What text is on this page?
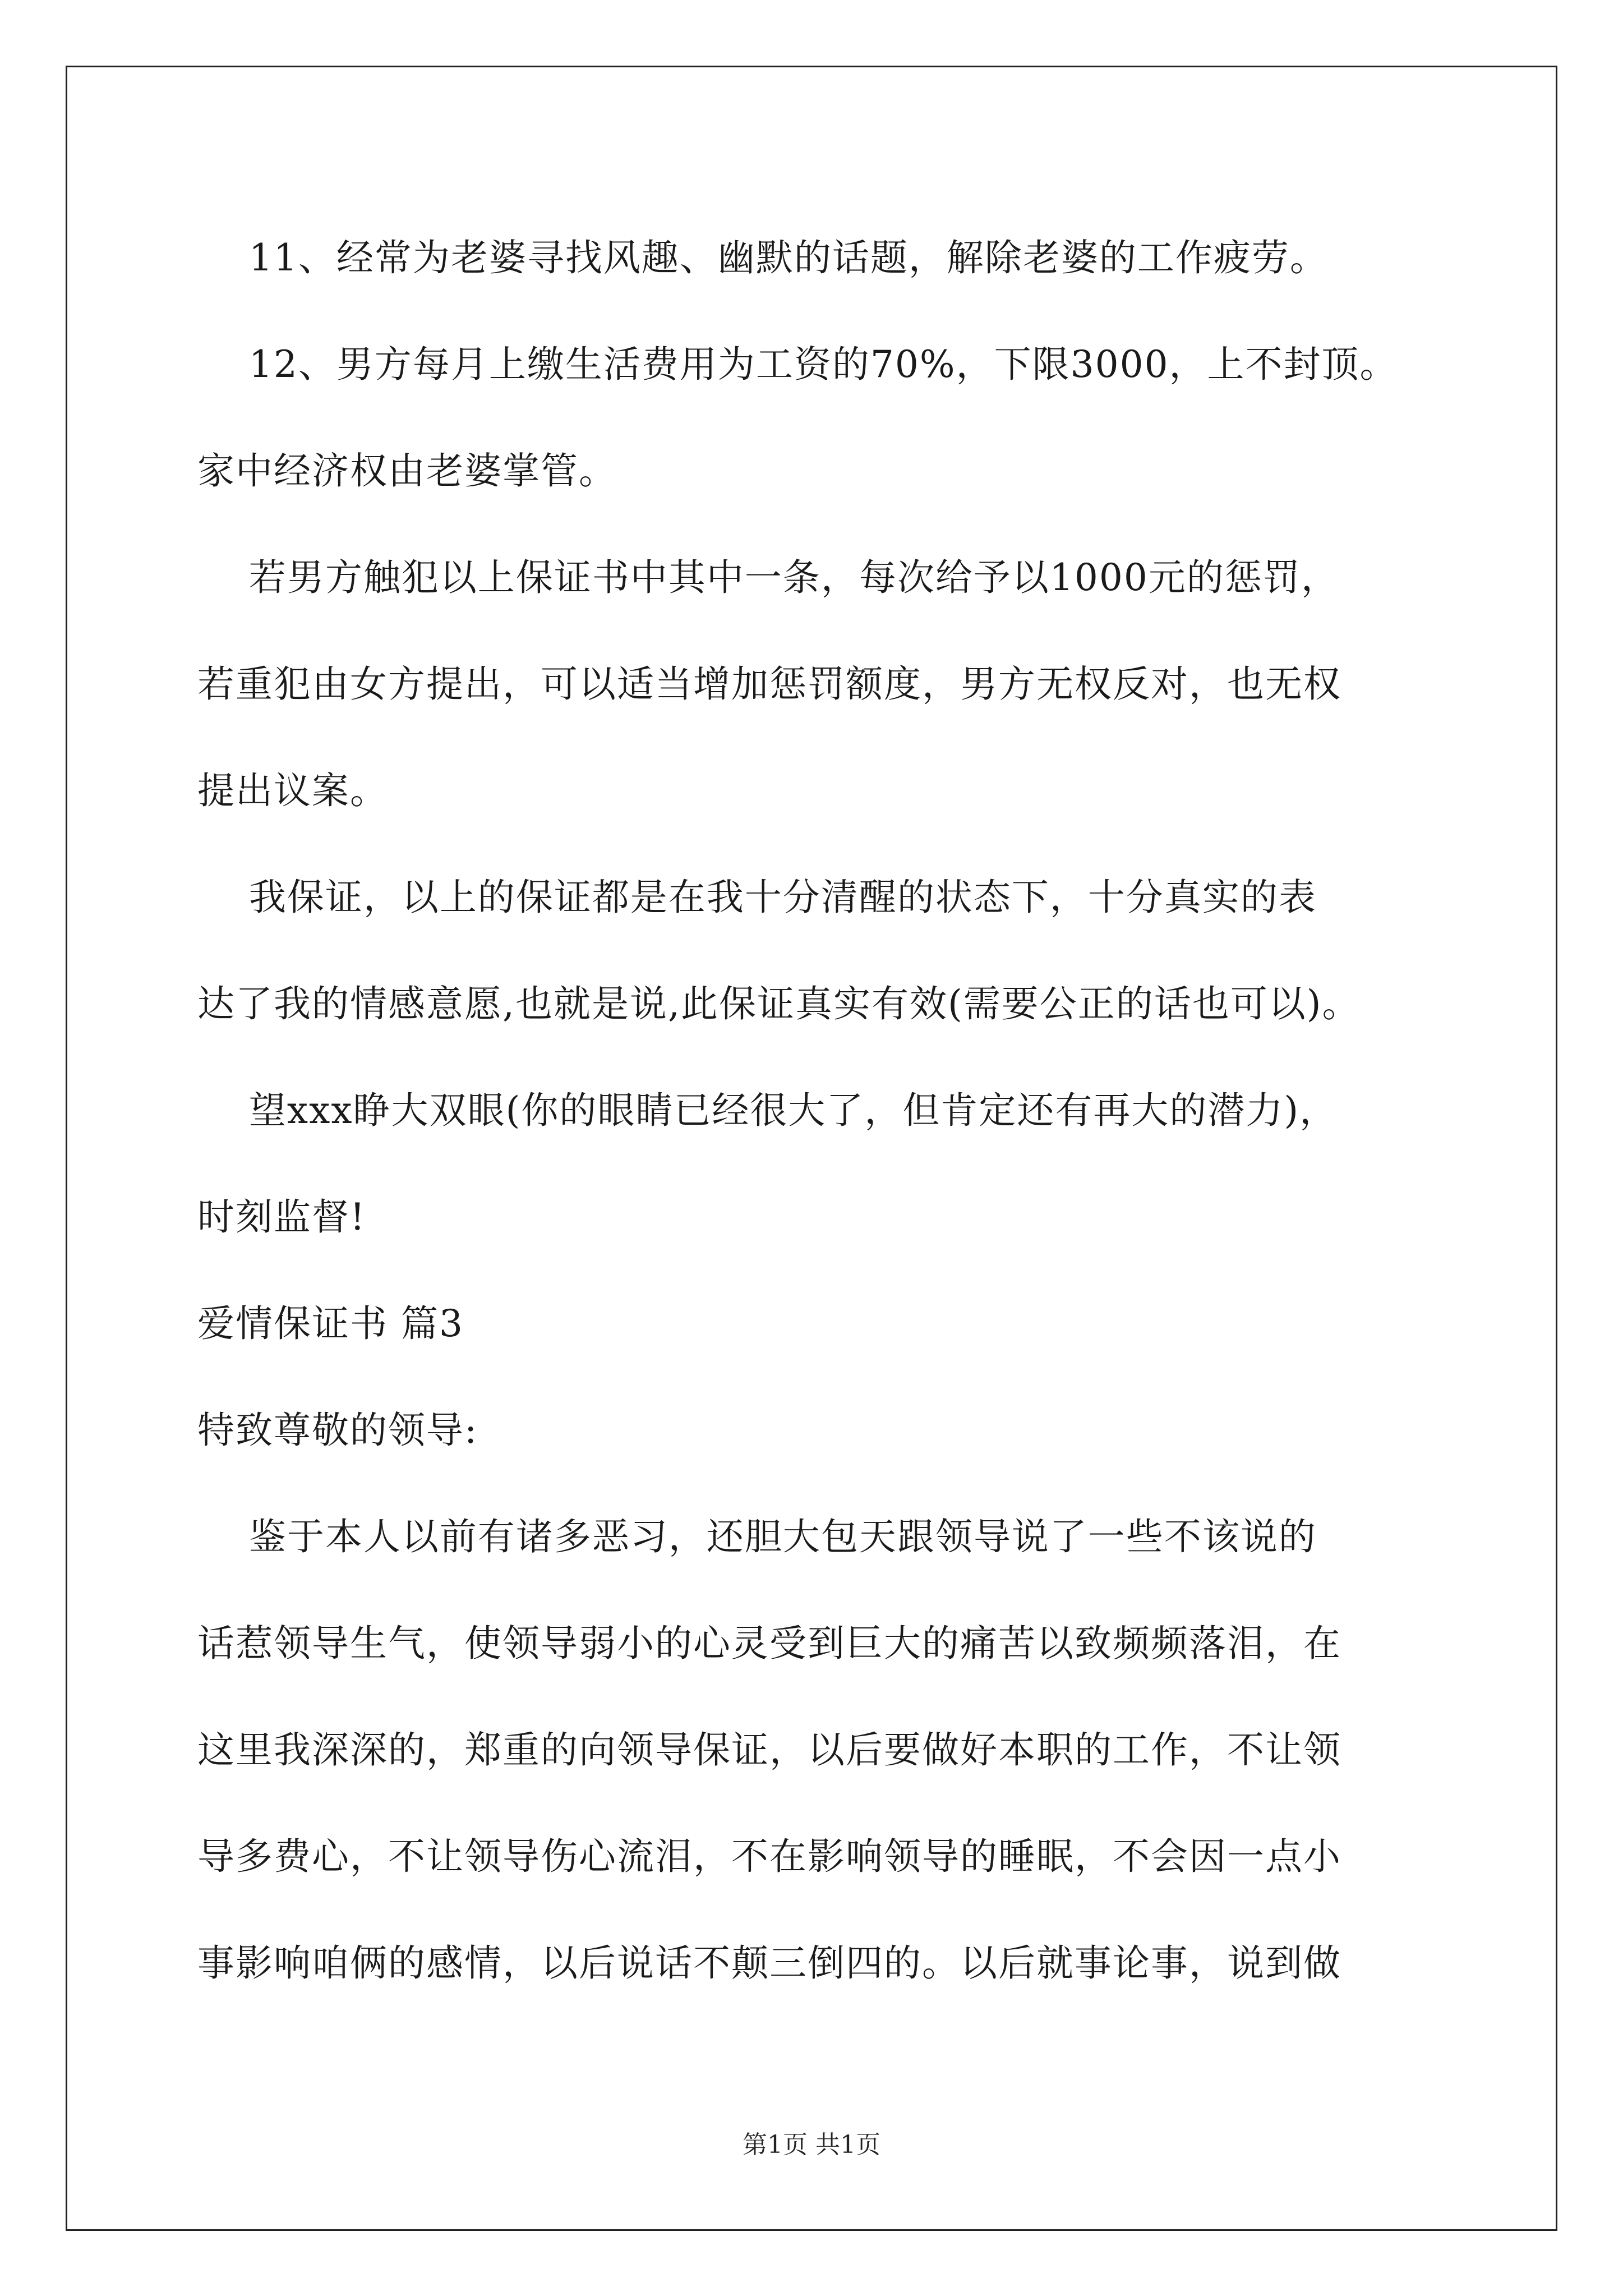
11、经常为老婆寻找风趣、幽默的话题，解除老婆的工作疲劳。
12、男方每月上缴生活费用为工资的70%，下限3000，上不封顶。
家中经济权由老婆掌管。
若男方触犯以上保证书中其中一条，每次给予以1000元的惩罚，
若重犯由女方提出，可以适当增加惩罚额度，男方无权反对，也无权
提出议案。
我保证，以上的保证都是在我十分清醒的状态下，十分真实的表
达了我的情感意愿,也就是说,此保证真实有效(需要公正的话也可以)。
望xxx睁大双眼(你的眼睛已经很大了，但肯定还有再大的潜力)，
时刻监督!
爱情保证书 篇3
特致尊敬的领导:
鉴于本人以前有诸多恶习，还胆大包天跟领导说了一些不该说的
话惹领导生气，使领导弱小的心灵受到巨大的痛苦以致频频落泪，在
这里我深深的，郑重的向领导保证，以后要做好本职的工作，不让领
导多费心，不让领导伤心流泪，不在影响领导的睡眠，不会因一点小
事影响咱俩的感情，以后说话不颠三倒四的。以后就事论事，说到做
第1页 共1页
